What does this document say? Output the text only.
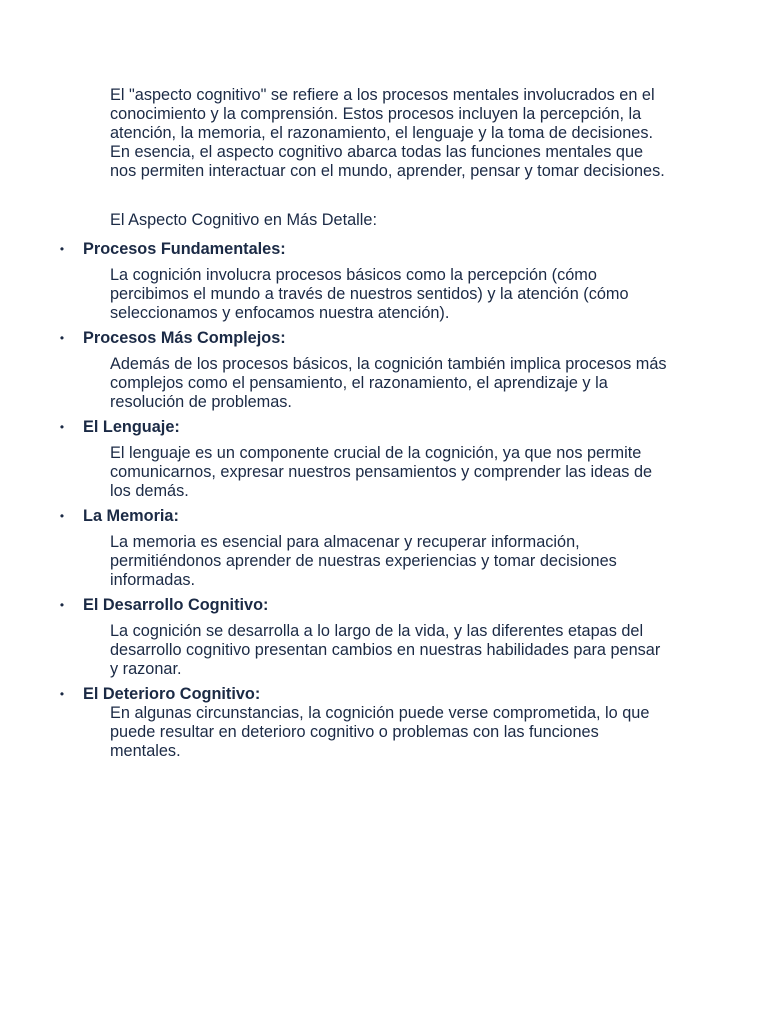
El "aspecto cognitivo" se refiere a los procesos mentales involucrados en el conocimiento y la comprensión. Estos procesos incluyen la percepción, la atención, la memoria, el razonamiento, el lenguaje y la toma de decisiones. En esencia, el aspecto cognitivo abarca todas las funciones mentales que nos permiten interactuar con el mundo, aprender, pensar y tomar decisiones.

El Aspecto Cognitivo en Más Detalle:

• Procesos Fundamentales:
La cognición involucra procesos básicos como la percepción (cómo percibimos el mundo a través de nuestros sentidos) y la atención (cómo seleccionamos y enfocamos nuestra atención).
• Procesos Más Complejos:
Además de los procesos básicos, la cognición también implica procesos más complejos como el pensamiento, el razonamiento, el aprendizaje y la resolución de problemas.
• El Lenguaje:
El lenguaje es un componente crucial de la cognición, ya que nos permite comunicarnos, expresar nuestros pensamientos y comprender las ideas de los demás.
• La Memoria:
La memoria es esencial para almacenar y recuperar información, permitiéndonos aprender de nuestras experiencias y tomar decisiones informadas.
• El Desarrollo Cognitivo:
La cognición se desarrolla a lo largo de la vida, y las diferentes etapas del desarrollo cognitivo presentan cambios en nuestras habilidades para pensar y razonar.
• El Deterioro Cognitivo:
En algunas circunstancias, la cognición puede verse comprometida, lo que puede resultar en deterioro cognitivo o problemas con las funciones mentales.
